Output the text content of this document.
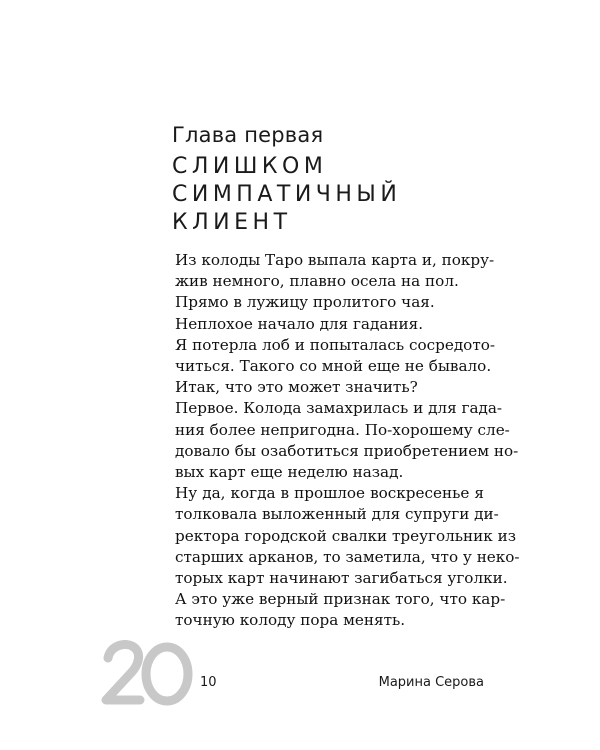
Глава первая
СЛИШКОМ
СИМПАТИЧНЫЙ
КЛИЕНТ

Из колоды Таро выпала карта и, покру-
жив немного, плавно осела на пол.

Прямо в лужицу пролитого чая.

Неплохое начало для гадания.

Я потерла лоб и попыталась сосредото-
читься. Такого со мной еще не бывало.

Итак, что это может значить?

Первое. Колода замахрилась и для гада-
ния более непригодна. По-хорошему сле-
довало бы озаботиться приобретением но-
вых карт еще неделю назад.

Ну да, когда в прошлое воскресенье я
толковала выложенный для супруги ди-
ректора городской свалки треугольник из
старших арканов, то заметила, что у неко-
торых карт начинают загибаться уголки.

А это уже верный признак того, что кар-
точную колоду пора менять.

10	Марина Серова
